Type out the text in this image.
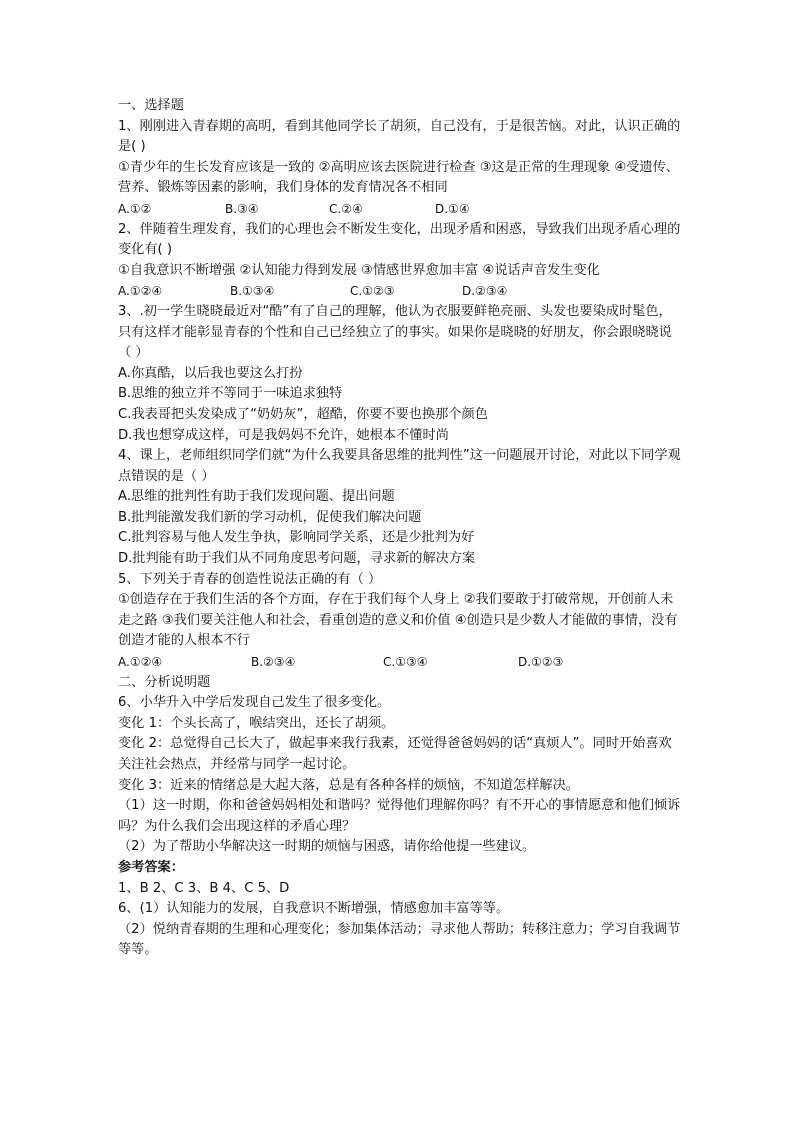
一、选择题
1、刚刚进入青春期的高明，看到其他同学长了胡须，自己没有，于是很苦恼。对此，认识正确的是( )
①青少年的生长发育应该是一致的 ②高明应该去医院进行检查 ③这是正常的生理现象 ④受遗传、营养、锻炼等因素的影响，我们身体的发育情况各不相同
A.①②	B.③④	C.②④	D.①④
2、伴随着生理发育，我们的心理也会不断发生变化，出现矛盾和困惑，导致我们出现矛盾心理的变化有( )
①自我意识不断增强 ②认知能力得到发展 ③情感世界愈加丰富 ④说话声音发生变化
A.①②④	B.①③④	C.①②③	D.②③④
3、.初一学生晓晓最近对“酷”有了自己的理解，他认为衣服要鲜艳亮丽、头发也要染成时髦色，只有这样才能彰显青春的个性和自己已经独立了的事实。如果你是晓晓的好朋友，你会跟晓晓说（ ）
A.你真酷，以后我也要这么打扮
B.思维的独立并不等同于一味追求独特
C.我表哥把头发染成了“奶奶灰”，超酷，你要不要也换那个颜色
D.我也想穿成这样，可是我妈妈不允许，她根本不懂时尚
4、课上，老师组织同学们就“为什么我要具备思维的批判性”这一问题展开讨论，对此以下同学观点错误的是（ ）
A.思维的批判性有助于我们发现问题、提出问题
B.批判能激发我们新的学习动机，促使我们解决问题
C.批判容易与他人发生争执，影响同学关系，还是少批判为好
D.批判能有助于我们从不同角度思考问题，寻求新的解决方案
5、下列关于青春的创造性说法正确的有（ ）
①创造存在于我们生活的各个方面，存在于我们每个人身上 ②我们要敢于打破常规，开创前人未走之路 ③我们要关注他人和社会，看重创造的意义和价值 ④创造只是少数人才能做的事情，没有创造才能的人根本不行
A.①②④	B.②③④	C.①③④	D.①②③
二、分析说明题
6、小华升入中学后发现自己发生了很多变化。
变化 1：个头长高了，喉结突出，还长了胡须。
变化 2：总觉得自己长大了，做起事来我行我素，还觉得爸爸妈妈的话“真烦人”。同时开始喜欢关注社会热点，并经常与同学一起讨论。
变化 3：近来的情绪总是大起大落，总是有各种各样的烦恼，不知道怎样解决。
（1）这一时期，你和爸爸妈妈相处和谐吗？觉得他们理解你吗？有不开心的事情愿意和他们倾诉吗？为什么我们会出现这样的矛盾心理？
（2）为了帮助小华解决这一时期的烦恼与困惑，请你给他提一些建议。
参考答案：
1、B 2、C 3、B 4、C 5、D
6、(1）认知能力的发展，自我意识不断增强，情感愈加丰富等等。
（2）悦纳青春期的生理和心理变化；参加集体活动；寻求他人帮助；转移注意力；学习自我调节等等。
